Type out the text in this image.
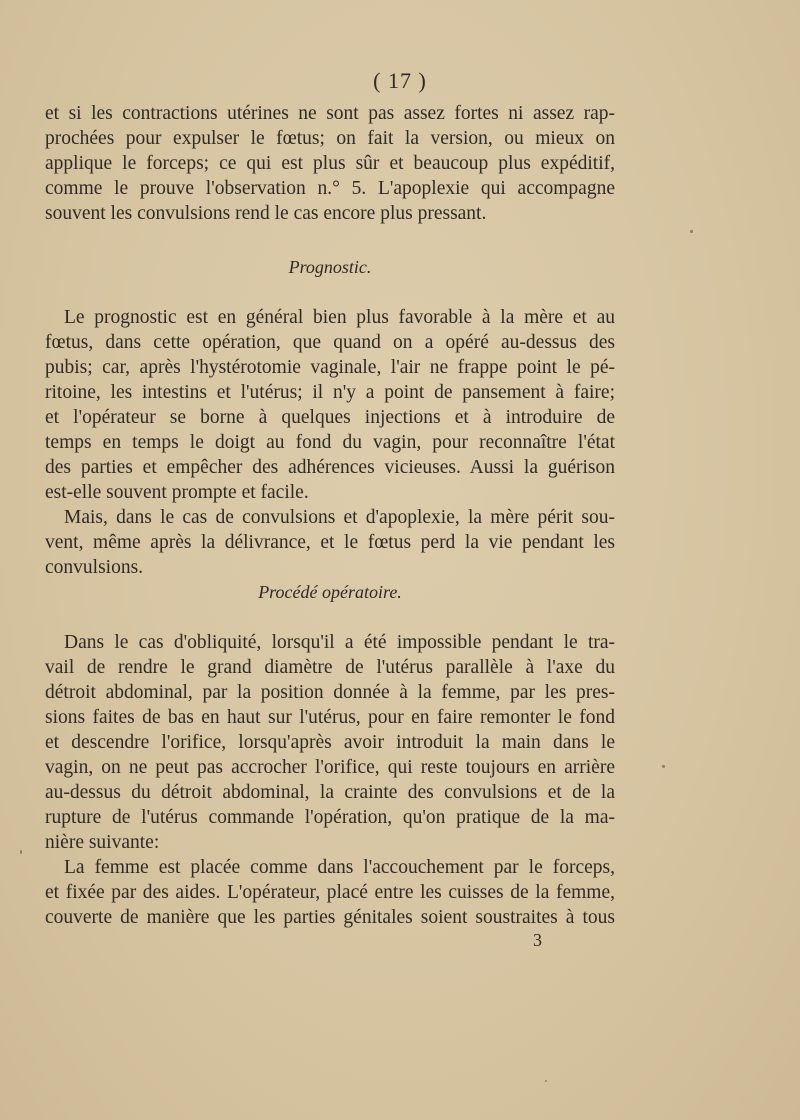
( 17 )
et si les contractions utérines ne sont pas assez fortes ni assez rap-
prochées pour expulser le fœtus; on fait la version, ou mieux on
applique le forceps; ce qui est plus sûr et beaucoup plus expéditif,
comme le prouve l'observation n.° 5. L'apoplexie qui accompagne
souvent les convulsions rend le cas encore plus pressant.
Prognostic.
Le prognostic est en général bien plus favorable à la mère et au
fœtus, dans cette opération, que quand on a opéré au-dessus des
pubis; car, après l'hystérotomie vaginale, l'air ne frappe point le pé-
ritoine, les intestins et l'utérus; il n'y a point de pansement à faire;
et l'opérateur se borne à quelques injections et à introduire de
temps en temps le doigt au fond du vagin, pour reconnaître l'état
des parties et empêcher des adhérences vicieuses. Aussi la guérison
est-elle souvent prompte et facile.
Mais, dans le cas de convulsions et d'apoplexie, la mère périt sou-
vent, même après la délivrance, et le fœtus perd la vie pendant les
convulsions.
Procédé opératoire.
Dans le cas d'obliquité, lorsqu'il a été impossible pendant le tra-
vail de rendre le grand diamètre de l'utérus parallèle à l'axe du
détroit abdominal, par la position donnée à la femme, par les pres-
sions faites de bas en haut sur l'utérus, pour en faire remonter le fond
et descendre l'orifice, lorsqu'après avoir introduit la main dans le
vagin, on ne peut pas accrocher l'orifice, qui reste toujours en arrière
au-dessus du détroit abdominal, la crainte des convulsions et de la
rupture de l'utérus commande l'opération, qu'on pratique de la ma-
nière suivante:
La femme est placée comme dans l'accouchement par le forceps,
et fixée par des aides. L'opérateur, placé entre les cuisses de la femme,
couverte de manière que les parties génitales soient soustraites à tous
3
